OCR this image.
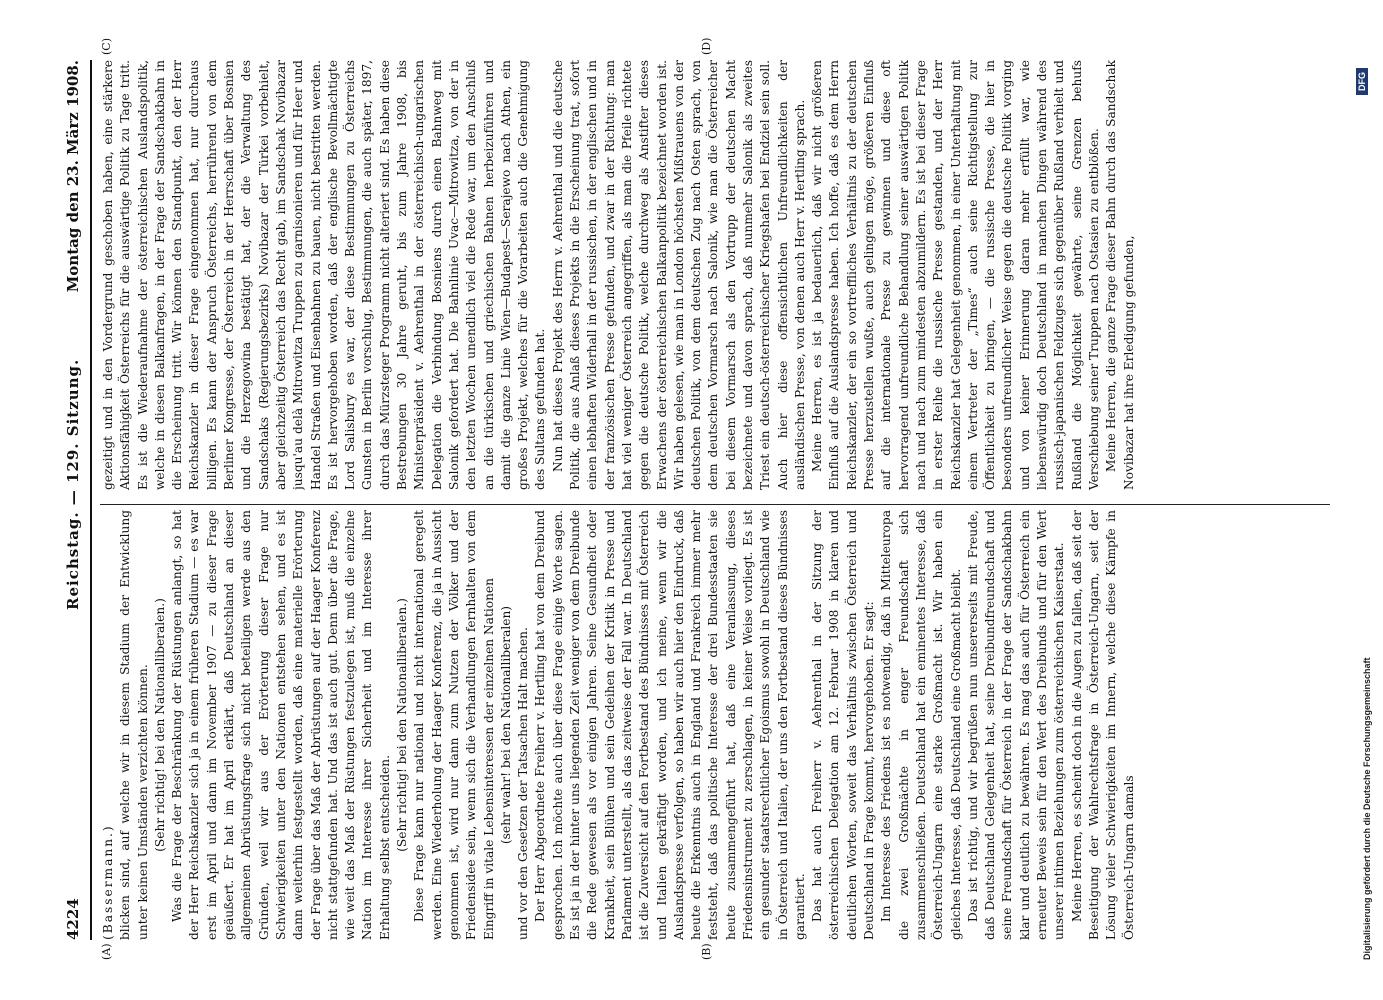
4224
Reichstag. — 129. Sitzung.
Montag den 23. März 1908.
(A)	(B)
(C)	(D)

(Bassermann.) blicken sind, auf welche wir in diesem Stadium der Entwicklung unter keinen Umständen verzichten können. (Sehr richtig! bei den Nationalliberalen.) Was die Frage der Beschränkung der Rüstungen anlangt, so hat der Herr Reichskanzler sich ja in einem früheren Stadium — es war erst im April und dann im November 1907 — zu dieser Frage geäußert. Er hat im April erklärt, daß Deutschland an dieser allgemeinen Abrüstungsfrage sich nicht beteiligen werde aus den Gründen, weil wir aus der Erörterung dieser Frage nur Schwierigkeiten unter den Nationen entstehen sehen, und es ist dann weiterhin festgestellt worden, daß eine materielle Erörterung der Frage über das Maß der Abrüstungen auf der Haager Konferenz nicht stattgefunden hat. Und das ist auch gut. Denn über die Frage, wie weit das Maß der Rüstungen festzulegen ist, muß die einzelne Nation im Interesse ihrer Sicherheit und im Interesse ihrer Erhaltung selbst entscheiden. (Sehr richtig! bei den Nationalliberalen.) Diese Frage kann nur national und nicht international geregelt werden. Eine Wiederholung der Haager Konferenz, die ja in Aussicht genommen ist, wird nur dann zum Nutzen der Völker und der Friedensidee sein, wenn sich die Verhandlungen fernhalten von dem Eingriff in vitale Lebensinteressen der einzelnen Nationen (sehr wahr! bei den Nationalliberalen) und vor den Gesetzen der Tatsachen Halt machen. Der Herr Abgeordnete Freiherr v. Hertling hat von dem Dreibund gesprochen. Ich möchte auch über diese Frage einige Worte sagen. Es ist ja in der hinter uns liegenden Zeit weniger von dem Dreibunde die Rede gewesen als vor einigen Jahren. Seine Gesundheit oder Krankheit, sein Blühen und sein Gedeihen der Kritik in Presse und Parlament unterstellt, als das zeitweise der Fall war. In Deutschland ist die Zuversicht auf den Fortbestand des Bündnisses mit Österreich und Italien gekräftigt worden, und ich meine, wenn wir die Auslandspresse verfolgen, so haben wir auch hier den Eindruck, daß heute die Erkenntnis auch in England und Frankreich immer mehr feststeht, daß das politische Interesse der drei Bundesstaaten sie heute zusammengeführt hat, daß eine Veranlassung, dieses Friedensinstrument zu zerschlagen, in keiner Weise vorliegt. Es ist ein gesunder staatsrechtlicher Egoismus sowohl in Deutschland wie in Österreich und Italien, der uns den Fortbestand dieses Bündnisses garantiert. Das hat auch Freiherr v. Aehrenthal in der Sitzung der österreichischen Delegation am 12. Februar 1908 in klaren und deutlichen Worten, soweit das Verhältnis zwischen Österreich und Deutschland in Frage kommt, hervorgehoben. Er sagt: Im Interesse des Friedens ist es notwendig, daß in Mitteleuropa die zwei Großmächte in enger Freundschaft sich zusammenschließen. Deutschland hat ein eminentes Interesse, daß Österreich-Ungarn eine starke Großmacht ist. Wir haben ein gleiches Interesse, daß Deutschland eine Großmacht bleibt. Das ist richtig, und wir begrüßen nun unsererseits mit Freude, daß Deutschland Gelegenheit hat, seine Dreibundfreundschaft und seine Freundschaft für Österreich in der Frage der Sandschakbahn klar und deutlich zu bewähren. Es mag das auch für Österreich ein erneuter Beweis sein für den Wert des Dreibunds und für den Wert unserer intimen Beziehungen zum österreichischen Kaiserstaat. Meine Herren, es scheint doch in die Augen zu fallen, daß seit der Beseitigung der Wahlrechtsfrage in Österreich-Ungarn, seit der Lösung vieler Schwierigkeiten im Innern, welche diese Kämpfe in Österreich-Ungarn damals

gezeitigt und in den Vordergrund geschoben haben, eine stärkere Aktionsfähigkeit Österreichs für die auswärtige Politik zu Tage tritt. Es ist die Wiederaufnahme der österreichischen Auslandspolitik, welche in diesen Balkanfragen, in der Frage der Sandschakbahn in die Erscheinung tritt. Wir können den Standpunkt, den der Herr Reichskanzler in dieser Frage eingenommen hat, nur durchaus billigen. Es kann der Anspruch Österreichs, herrührend von dem Berliner Kongresse, der Österreich in der Herrschaft über Bosnien und die Herzegowina bestätigt hat, der die Verwaltung des Sandschaks (Regierungsbezirks) Novibazar der Türkei vorbehielt, aber gleichzeitig Österreich das Recht gab, im Sandschak Novibazar jusqu'au delà Mitrowitza Truppen zu garnisonieren und für Heer und Handel Straßen und Eisenbahnen zu bauen, nicht bestritten werden. Es ist hervorgehoben worden, daß der englische Bevollmächtigte Lord Salisbury es war, der diese Bestimmungen zu Österreichs Gunsten in Berlin vorschlug, Bestimmungen, die auch später, 1897, durch das Mürzsteger Programm nicht alteriert sind. Es haben diese Bestrebungen 30 Jahre geruht, bis zum Jahre 1908, bis Ministerpräsident v. Aehrenthal in der österreichisch-ungarischen Delegation die Verbindung Bosniens durch einen Bahnweg mit Salonik gefordert hat. Die Bahnlinie Uvac—Mitrowitza, von der in den letzten Wochen unendlich viel die Rede war, um den Anschluß an die türkischen und griechischen Bahnen herbeizuführen und damit die ganze Linie Wien—Budapest—Serajewo nach Athen, ein großes Projekt, welches für die Vorarbeiten auch die Genehmigung des Sultans gefunden hat. Nun hat dieses Projekt des Herrn v. Aehrenthal und die deutsche Politik, die aus Anlaß dieses Projekts in die Erscheinung trat, sofort einen lebhaften Widerhall in der russischen, in der englischen und in der französischen Presse gefunden, und zwar in der Richtung: man hat viel weniger Österreich angegriffen, als man die Pfeile richtete gegen die deutsche Politik, welche durchweg als Anstifter dieses Erwachens der österreichischen Balkanpolitik bezeichnet worden ist. Wir haben gelesen, wie man in London höchsten Mißtrauens von der deutschen Politik, von dem deutschen Zug nach Osten sprach, von dem deutschen Vormarsch nach Salonik, wie man die Österreicher bei diesem Vormarsch als den Vortrupp der deutschen Macht bezeichnete und davon sprach, daß nunmehr Salonik als zweites Triest ein deutsch-österreichischer Kriegshafen bei Endziel sein soll. Auch hier diese offensichtlichen Unfreundlichkeiten der ausländischen Presse, von denen auch Herr v. Hertling sprach. Meine Herren, es ist ja bedauerlich, daß wir nicht größeren Einfluß auf die Auslandspresse haben. Ich hoffe, daß es dem Herrn Reichskanzler, der ein so vortreffliches Verhältnis zu der deutschen Presse herzustellen wußte, auch gelingen möge, größeren Einfluß auf die internationale Presse zu gewinnen und diese oft hervorragend unfreundliche Behandlung seiner auswärtigen Politik nach und nach zum mindesten abzumildern. Es ist bei dieser Frage in erster Reihe die russische Presse gestanden, und der Herr Reichskanzler hat Gelegenheit genommen, in einer Unterhaltung mit einem Vertreter der „Times“ auch seine Richtigstellung zur Öffentlichkeit zu bringen, — die russische Presse, die hier in besonders unfreundlicher Weise gegen die deutsche Politik vorging und von keiner Erinnerung daran mehr erfüllt war, wie liebenswürdig doch Deutschland in manchen Dingen während des russisch-japanischen Feldzuges sich gegenüber Rußland verhielt und Rußland die Möglichkeit gewährte, seine Grenzen behufs Verschiebung seiner Truppen nach Ostasien zu entblößen. Meine Herren, die ganze Frage dieser Bahn durch das Sandschak Novibazar hat ihre Erledigung gefunden,

Digitalisierung gefördert durch die Deutsche Forschungsgemeinschaft
DFG
